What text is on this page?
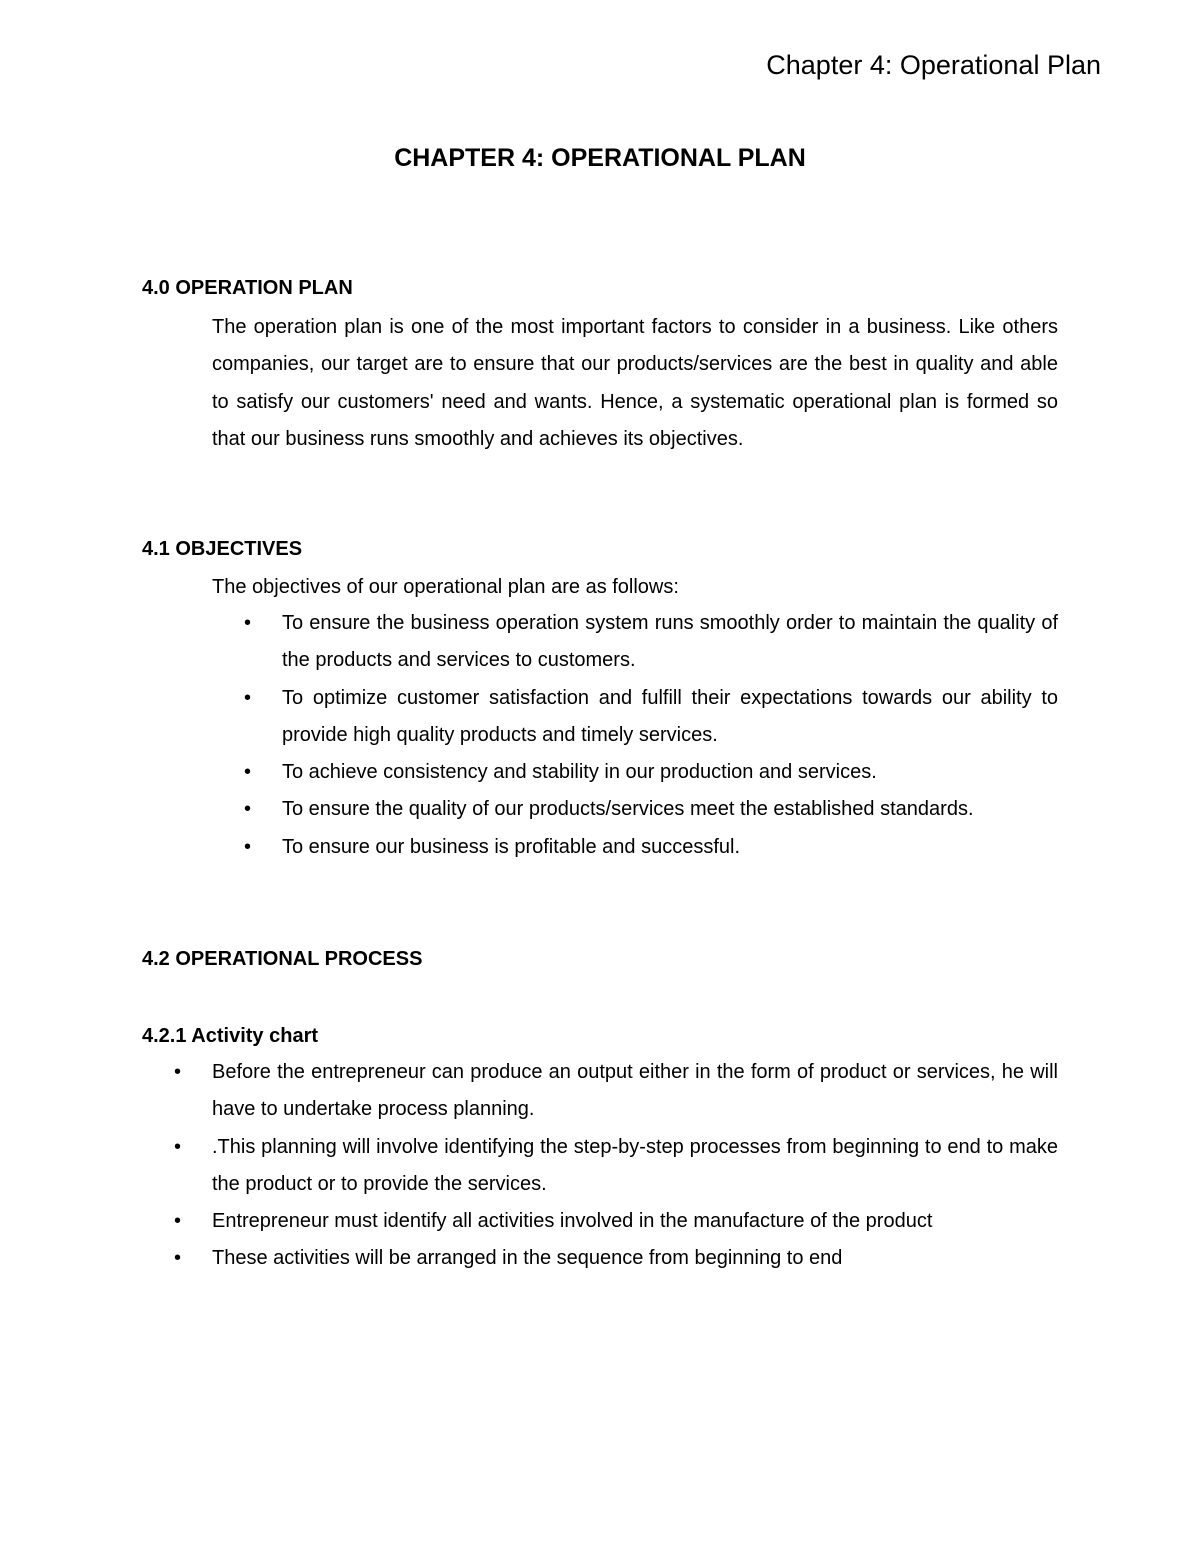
Chapter 4: Operational Plan
CHAPTER 4: OPERATIONAL PLAN
4.0 OPERATION PLAN

The operation plan is one of the most important factors to consider in a business. Like others companies, our target are to ensure that our products/services are the best in quality and able to satisfy our customers' need and wants. Hence, a systematic operational plan is formed so that our business runs smoothly and achieves its objectives.

4.1 OBJECTIVES

The objectives of our operational plan are as follows:

• To ensure the business operation system runs smoothly order to maintain the quality of the products and services to customers.
• To optimize customer satisfaction and fulfill their expectations towards our ability to provide high quality products and timely services.
• To achieve consistency and stability in our production and services.
• To ensure the quality of our products/services meet the established standards.
• To ensure our business is profitable and successful.
4.2 OPERATIONAL PROCESS
4.2.1 Activity chart
• Before the entrepreneur can produce an output either in the form of product or services, he will have to undertake process planning.
• .This planning will involve identifying the step-by-step processes from beginning to end to make the product or to provide the services.
• Entrepreneur must identify all activities involved in the manufacture of the product
• These activities will be arranged in the sequence from beginning to end
